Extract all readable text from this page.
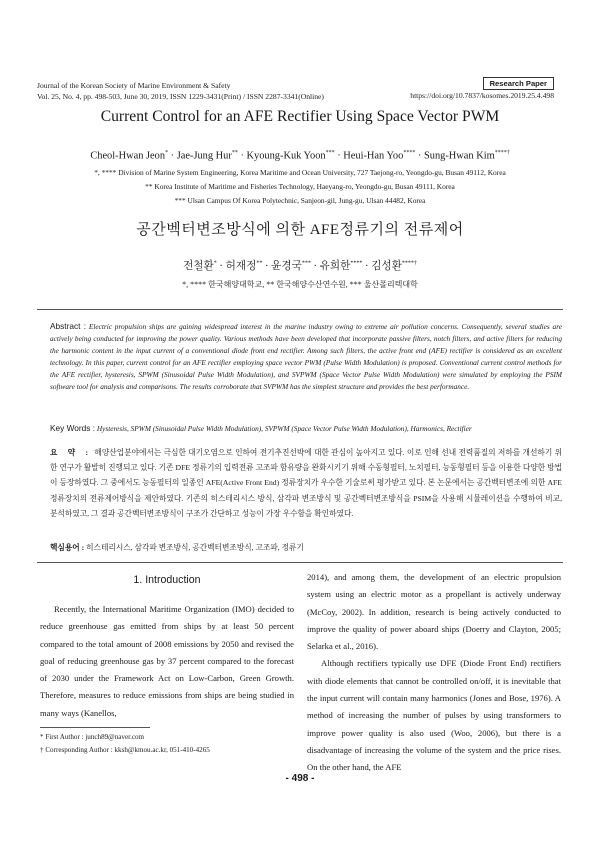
Journal of the Korean Society of Marine Environment & Safety
Vol. 25, No. 4, pp. 498-503, June 30, 2019, ISSN 1229-3431(Print) / ISSN 2287-3341(Online)
Research Paper
https://doi.org/10.7837/kosomes.2019.25.4.498
Current Control for an AFE Rectifier Using Space Vector PWM
Cheol-Hwan Jeon* · Jae-Jung Hur** · Kyoung-Kuk Yoon*** · Heui-Han Yoo**** · Sung-Hwan Kim****†
*, **** Division of Marine System Engineering, Korea Maritime and Ocean University, 727 Taejong-ro, Yeongdo-gu, Busan 49112, Korea
** Korea Institute of Maritime and Fisheries Technology, Haeyang-ro, Yeongdo-gu, Busan 49111, Korea
*** Ulsan Campus Of Korea Polytechnic, Sanjeon-gil, Jung-gu, Ulsan 44482, Korea
공간벡터변조방식에 의한 AFE정류기의 전류제어
전철환* · 허재정** · 윤경국*** · 유희한**** · 김성환****†
*, **** 한국해양대학교, ** 한국해양수산연수원, *** 울산폴리텍대학
Abstract : Electric propulsion ships are gaining widespread interest in the marine industry owing to extreme air pollution concerns. Consequently, several studies are actively being conducted for improving the power quality. Various methods have been developed that incorporate passive filters, notch filters, and active filters for reducing the harmonic content in the input current of a conventional diode front end rectifier. Among such filters, the active front end (AFE) rectifier is considered as an excellent technology. In this paper, current control for an AFE rectifier employing space vector PWM (Pulse Width Modulation) is proposed. Conventional current control methods for the AFE rectifier, hysteresis, SPWM (Sinusoidal Pulse Width Modulation), and SVPWM (Space Vector Pulse Width Modulation) were simulated by employing the PSIM software tool for analysis and comparisons. The results corroborate that SVPWM has the simplest structure and provides the best performance.
Key Words : Hysteresis, SPWM (Sinusoidal Pulse Width Modulation), SVPWM (Space Vector Pulse Width Modulation), Harmonics, Rectifier
요 약 : 해양산업분야에서는 극심한 대기오염으로 인하여 전기추진선박에 대한 관심이 높아지고 있다. 이로 인해 선내 전력품질의 저하를 개선하기 위한 연구가 활발히 진행되고 있다. 기존 DFE 정류기의 입력전류 고조파 함유량을 완화시키기 위해 수동형필터, 노치필터, 능동형필터 등을 이용한 다양한 방법이 등장하였다. 그 중에서도 능동필터의 일종인 AFE(Active Front End) 정류장치가 우수한 기술로써 평가받고 있다. 본 논문에서는 공간벡터변조에 의한 AFE정류장치의 전류제어방식을 제안하였다. 기존의 히스테리시스 방식, 삼각파 변조방식 및 공간벡터변조방식을 PSIM을 사용해 시뮬레이션을 수행하여 비교, 분석하였고, 그 결과 공간벡터변조방식이 구조가 간단하고 성능이 가장 우수함을 확인하였다.
핵심용어 : 히스테리시스, 삼각파 변조방식, 공간벡터변조방식, 고조파, 정류기
1. Introduction

Recently, the International Maritime Organization (IMO) decided to reduce greenhouse gas emitted from ships by at least 50 percent compared to the total amount of 2008 emissions by 2050 and revised the goal of reducing greenhouse gas by 37 percent compared to the forecast of 2030 under the Framework Act on Low-Carbon, Green Growth. Therefore, measures to reduce emissions from ships are being studied in many ways (Kanellos,

2014), and among them, the development of an electric propulsion system using an electric motor as a propellant is actively underway (McCoy, 2002). In addition, research is being actively conducted to improve the quality of power aboard ships (Doerry and Clayton, 2005; Selarka et al., 2016).

Although rectifiers typically use DFE (Diode Front End) rectifiers with diode elements that cannot be controlled on/off, it is inevitable that the input current will contain many harmonics (Jones and Bose, 1976). A method of increasing the number of pulses by using transformers to improve power quality is also used (Woo, 2006), but there is a disadvantage of increasing the volume of the system and the price rises. On the other hand, the AFE

* First Author : junch89@naver.com
† Corresponding Author : kksh@kmou.ac.kr, 051-410-4265
- 498 -
